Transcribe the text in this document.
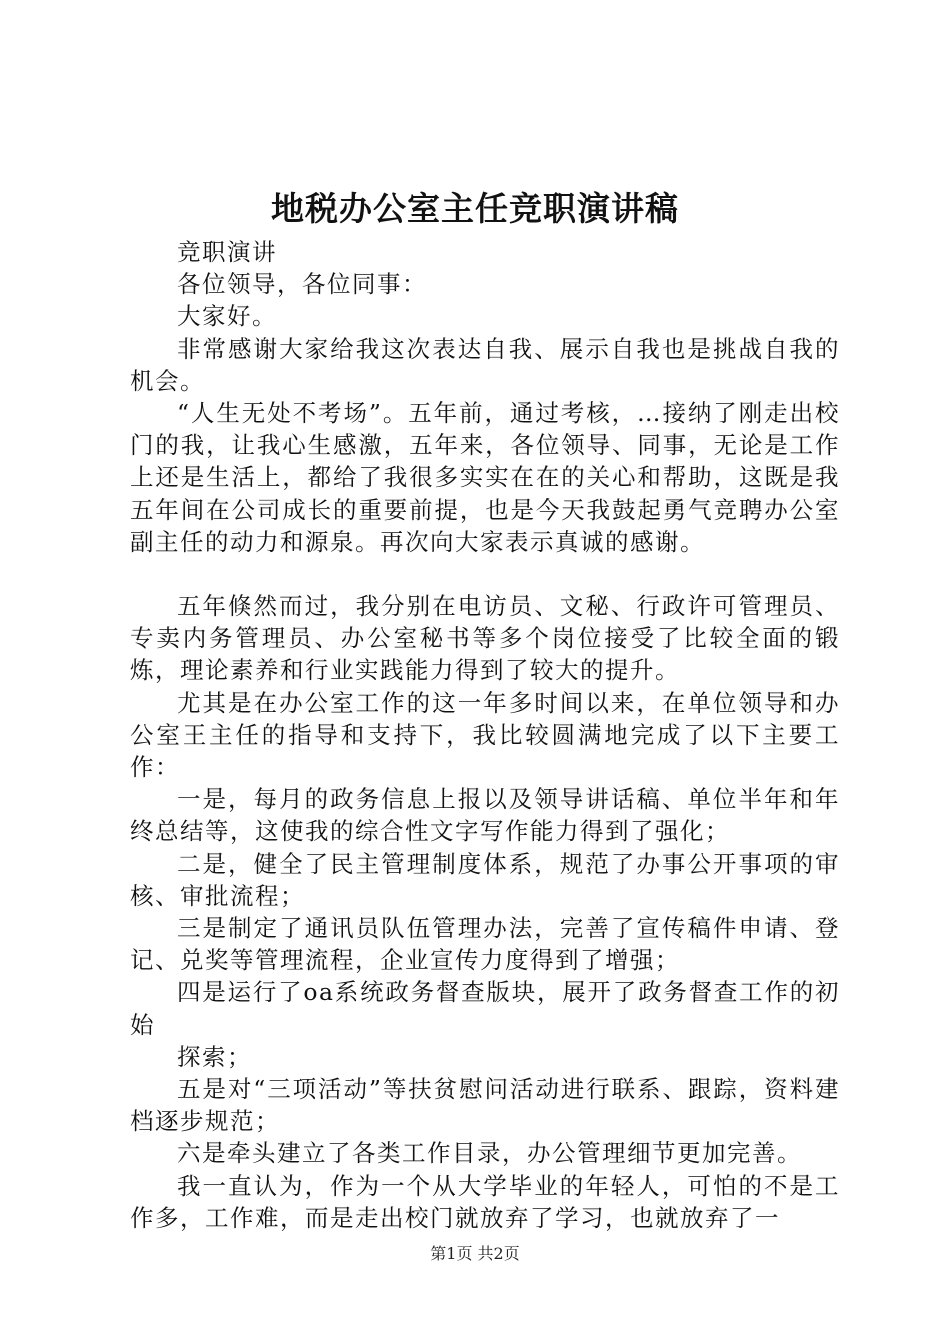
地税办公室主任竞职演讲稿

竞职演讲

各位领导，各位同事：

大家好。

非常感谢大家给我这次表达自我、展示自我也是挑战自我的机会。

“人生无处不考场”。五年前，通过考核，…接纳了刚走出校门的我，让我心生感激，五年来，各位领导、同事，无论是工作上还是生活上，都给了我很多实实在在的关心和帮助，这既是我五年间在公司成长的重要前提，也是今天我鼓起勇气竞聘办公室副主任的动力和源泉。再次向大家表示真诚的感谢。

五年倏然而过，我分别在电访员、文秘、行政许可管理员、专卖内务管理员、办公室秘书等多个岗位接受了比较全面的锻炼，理论素养和行业实践能力得到了较大的提升。

尤其是在办公室工作的这一年多时间以来，在单位领导和办公室王主任的指导和支持下，我比较圆满地完成了以下主要工作：

一是，每月的政务信息上报以及领导讲话稿、单位半年和年终总结等，这使我的综合性文字写作能力得到了强化；

二是，健全了民主管理制度体系，规范了办事公开事项的审核、审批流程；

三是制定了通讯员队伍管理办法，完善了宣传稿件申请、登记、兑奖等管理流程，企业宣传力度得到了增强；

四是运行了oa系统政务督查版块，展开了政务督查工作的初始

探索；

五是对“三项活动”等扶贫慰问活动进行联系、跟踪，资料建档逐步规范；

六是牵头建立了各类工作目录，办公管理细节更加完善。

我一直认为，作为一个从大学毕业的年轻人，可怕的不是工作多，工作难，而是走出校门就放弃了学习，也就放弃了一

第1页 共2页
